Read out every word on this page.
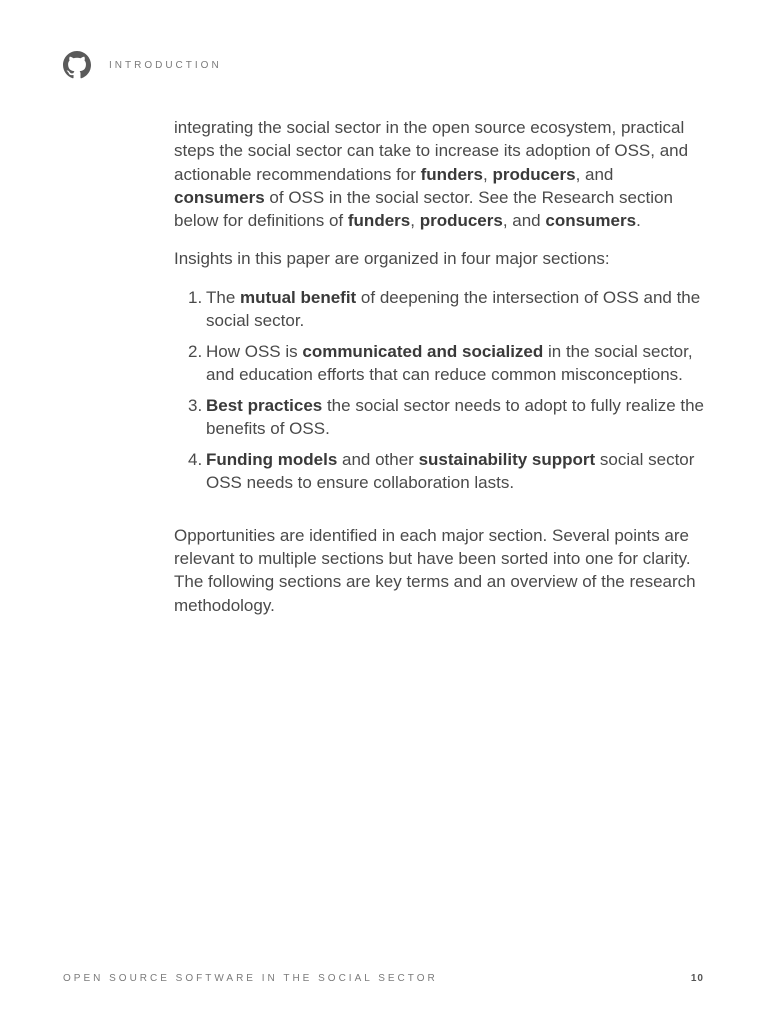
INTRODUCTION

integrating the social sector in the open source ecosystem, practical steps the social sector can take to increase its adoption of OSS, and actionable recommendations for funders, producers, and consumers of OSS in the social sector. See the Research section below for definitions of funders, producers, and consumers.

Insights in this paper are organized in four major sections:

1. The mutual benefit of deepening the intersection of OSS and the social sector.
2. How OSS is communicated and socialized in the social sector, and education efforts that can reduce common misconceptions.
3. Best practices the social sector needs to adopt to fully realize the benefits of OSS.
4. Funding models and other sustainability support social sector OSS needs to ensure collaboration lasts.

Opportunities are identified in each major section. Several points are relevant to multiple sections but have been sorted into one for clarity. The following sections are key terms and an overview of the research methodology.

OPEN SOURCE SOFTWARE IN THE SOCIAL SECTOR	10
